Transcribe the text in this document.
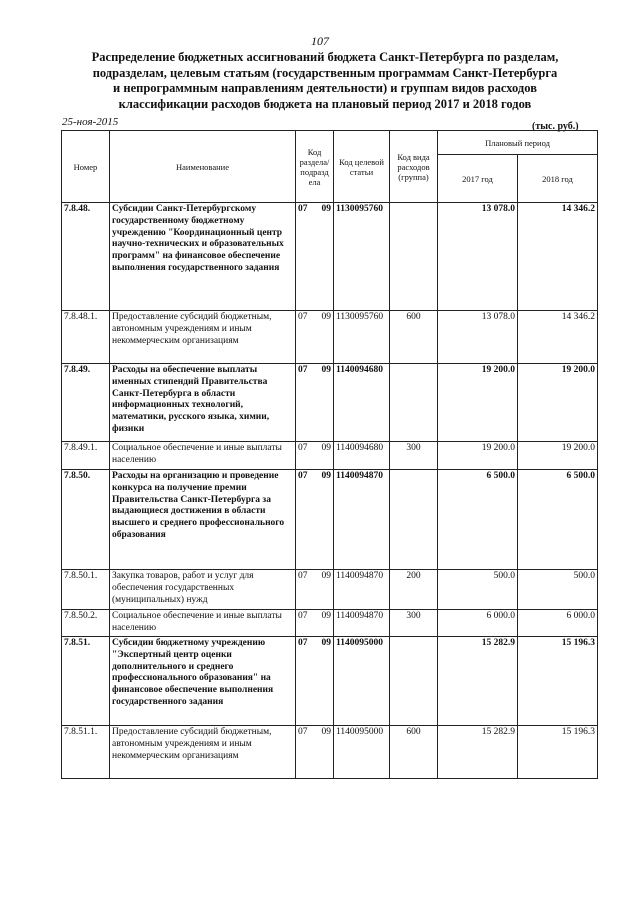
107
Распределение бюджетных ассигнований бюджета Санкт-Петербурга по разделам,
подразделам, целевым статьям (государственным программам Санкт-Петербурга
и непрограммным направлениям деятельности) и группам видов расходов
классификации расходов бюджета на плановый период 2017 и 2018 годов
25-ноя-2015	(тыс. руб.)
Номер	Наименование	Код раздела/ подразд ела	Код целевой статьи	Код вида расходов (группа)	Плановый период	
					2017 год	2018 год
7.8.48.	Субсидии Санкт-Петербургскому государственному бюджетному учреждению "Координационный центр научно-технических и образовательных программ" на финансовое обеспечение выполнения государственного задания	07 09	1130095760		13 078.0	14 346.2
7.8.48.1.	Предоставление субсидий бюджетным, автономным учреждениям и иным некоммерческим организациям	07 09	1130095760	600	13 078.0	14 346.2
7.8.49.	Расходы на обеспечение выплаты именных стипендий Правительства Санкт-Петербурга в области информационных технологий, математики, русского языка, химии, физики	07 09	1140094680		19 200.0	19 200.0
7.8.49.1.	Социальное обеспечение и иные выплаты населению	07 09	1140094680	300	19 200.0	19 200.0
7.8.50.	Расходы на организацию и проведение конкурса на получение премии Правительства Санкт-Петербурга за выдающиеся достижения в области высшего и среднего профессионального образования	07 09	1140094870		6 500.0	6 500.0
7.8.50.1.	Закупка товаров, работ и услуг для обеспечения государственных (муниципальных) нужд	07 09	1140094870	200	500.0	500.0
7.8.50.2.	Социальное обеспечение и иные выплаты населению	07 09	1140094870	300	6 000.0	6 000.0
7.8.51.	Субсидии бюджетному учреждению "Экспертный центр оценки дополнительного и среднего профессионального образования" на финансовое обеспечение выполнения государственного задания	07 09	1140095000		15 282.9	15 196.3
7.8.51.1.	Предоставление субсидий бюджетным, автономным учреждениям и иным некоммерческим организациям	07 09	1140095000	600	15 282.9	15 196.3
